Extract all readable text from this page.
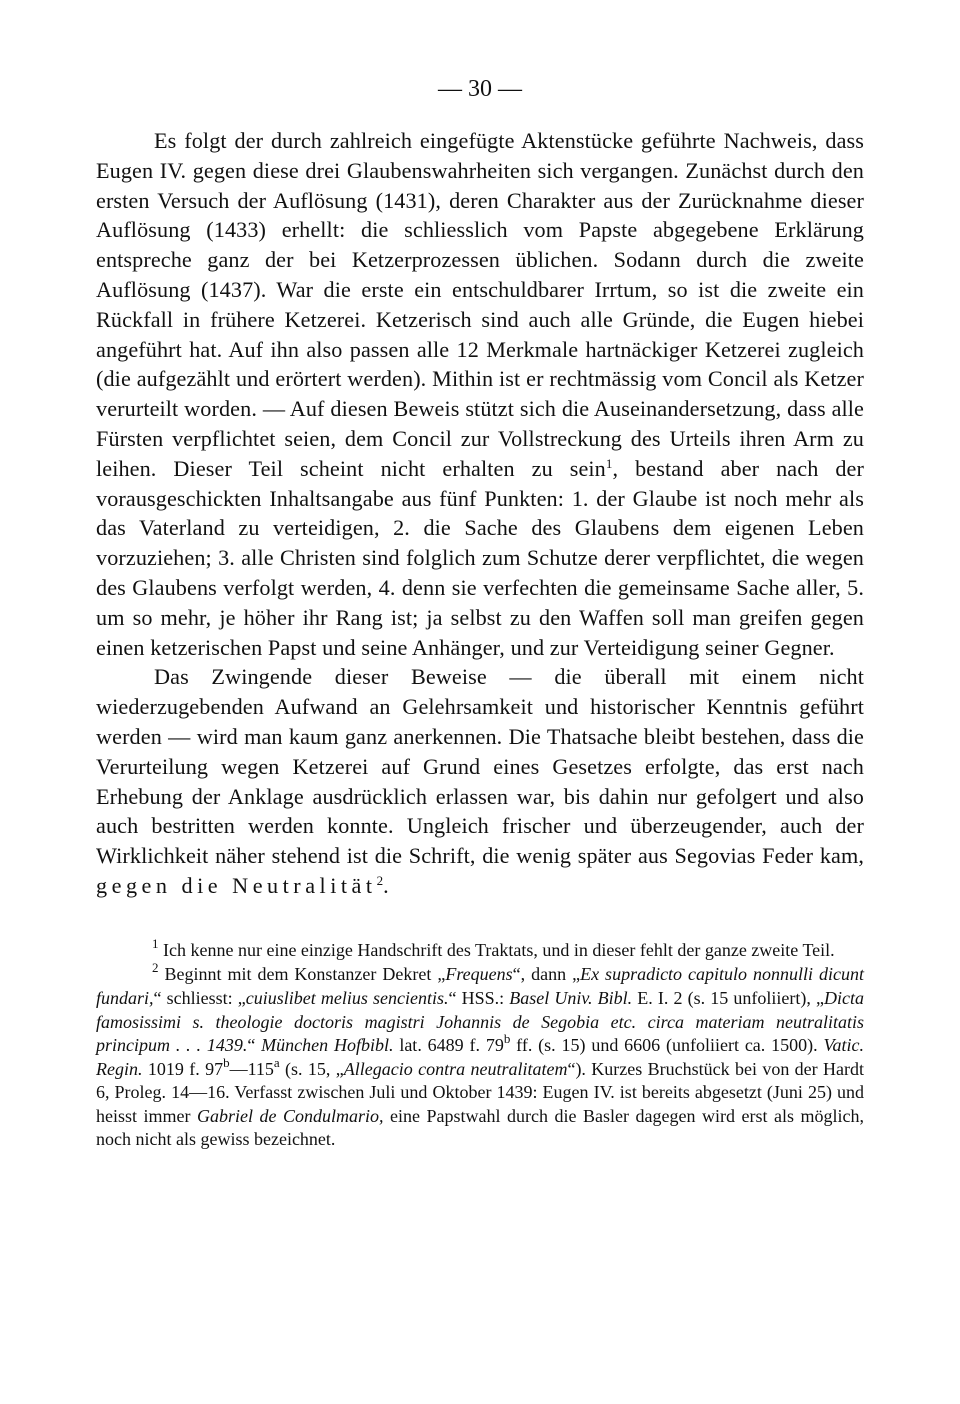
— 30 —

Es folgt der durch zahlreich eingefügte Aktenstücke geführte Nachweis, dass Eugen IV. gegen diese drei Glaubenswahrheiten sich vergangen. Zunächst durch den ersten Versuch der Auflösung (1431), deren Charakter aus der Zurücknahme dieser Auflösung (1433) erhellt: die schliesslich vom Papste abgegebene Erklärung entspreche ganz der bei Ketzerprozessen üblichen. Sodann durch die zweite Auflösung (1437). War die erste ein entschuldbarer Irrtum, so ist die zweite ein Rückfall in frühere Ketzerei. Ketzerisch sind auch alle Gründe, die Eugen hiebei angeführt hat. Auf ihn also passen alle 12 Merkmale hartnäckiger Ketzerei zugleich (die aufgezählt und erörtert werden). Mithin ist er rechtmässig vom Concil als Ketzer verurteilt worden. — Auf diesen Beweis stützt sich die Auseinandersetzung, dass alle Fürsten verpflichtet seien, dem Concil zur Vollstreckung des Urteils ihren Arm zu leihen. Dieser Teil scheint nicht erhalten zu sein$^1$, bestand aber nach der vorausgeschickten Inhaltsangabe aus fünf Punkten: 1. der Glaube ist noch mehr als das Vaterland zu verteidigen, 2. die Sache des Glaubens dem eigenen Leben vorzuziehen; 3. alle Christen sind folglich zum Schutze derer verpflichtet, die wegen des Glaubens verfolgt werden, 4. denn sie verfechten die gemeinsame Sache aller, 5. um so mehr, je höher ihr Rang ist; ja selbst zu den Waffen soll man greifen gegen einen ketzerischen Papst und seine Anhänger, und zur Verteidigung seiner Gegner.

Das Zwingende dieser Beweise — die überall mit einem nicht wiederzugebenden Aufwand an Gelehrsamkeit und historischer Kenntnis geführt werden — wird man kaum ganz anerkennen. Die Thatsache bleibt bestehen, dass die Verurteilung wegen Ketzerei auf Grund eines Gesetzes erfolgte, das erst nach Erhebung der Anklage ausdrücklich erlassen war, bis dahin nur gefolgert und also auch bestritten werden konnte. Ungleich frischer und überzeugender, auch der Wirklichkeit näher stehend ist die Schrift, die wenig später aus Segovias Feder kam, gegen die Neutralität$^2$.

$^1$ Ich kenne nur eine einzige Handschrift des Traktats, und in dieser fehlt der ganze zweite Teil.

$^2$ Beginnt mit dem Konstanzer Dekret „Frequens“, dann „Ex supradicto capitulo nonnulli dicunt fundari,“ schliesst: „cuiuslibet melius sencientis.“ HSS.: Basel Univ. Bibl. E. I. 2 (s. 15 unfoliiert), „Dicta famosissimi s. theologie doctoris magistri Johannis de Segobia etc. circa materiam neutralitatis principum . . . 1439.“ München Hofbibl. lat. 6489 f. 79$^b$ ff. (s. 15) und 6606 (unfoliiert ca. 1500). Vatic. Regin. 1019 f. 97$^b$—115$^a$ (s. 15, „Allegacio contra neutralitatem“). Kurzes Bruchstück bei von der Hardt 6, Proleg. 14—16. Verfasst zwischen Juli und Oktober 1439: Eugen IV. ist bereits abgesetzt (Juni 25) und heisst immer Gabriel de Condulmario, eine Papstwahl durch die Basler dagegen wird erst als möglich, noch nicht als gewiss bezeichnet.
